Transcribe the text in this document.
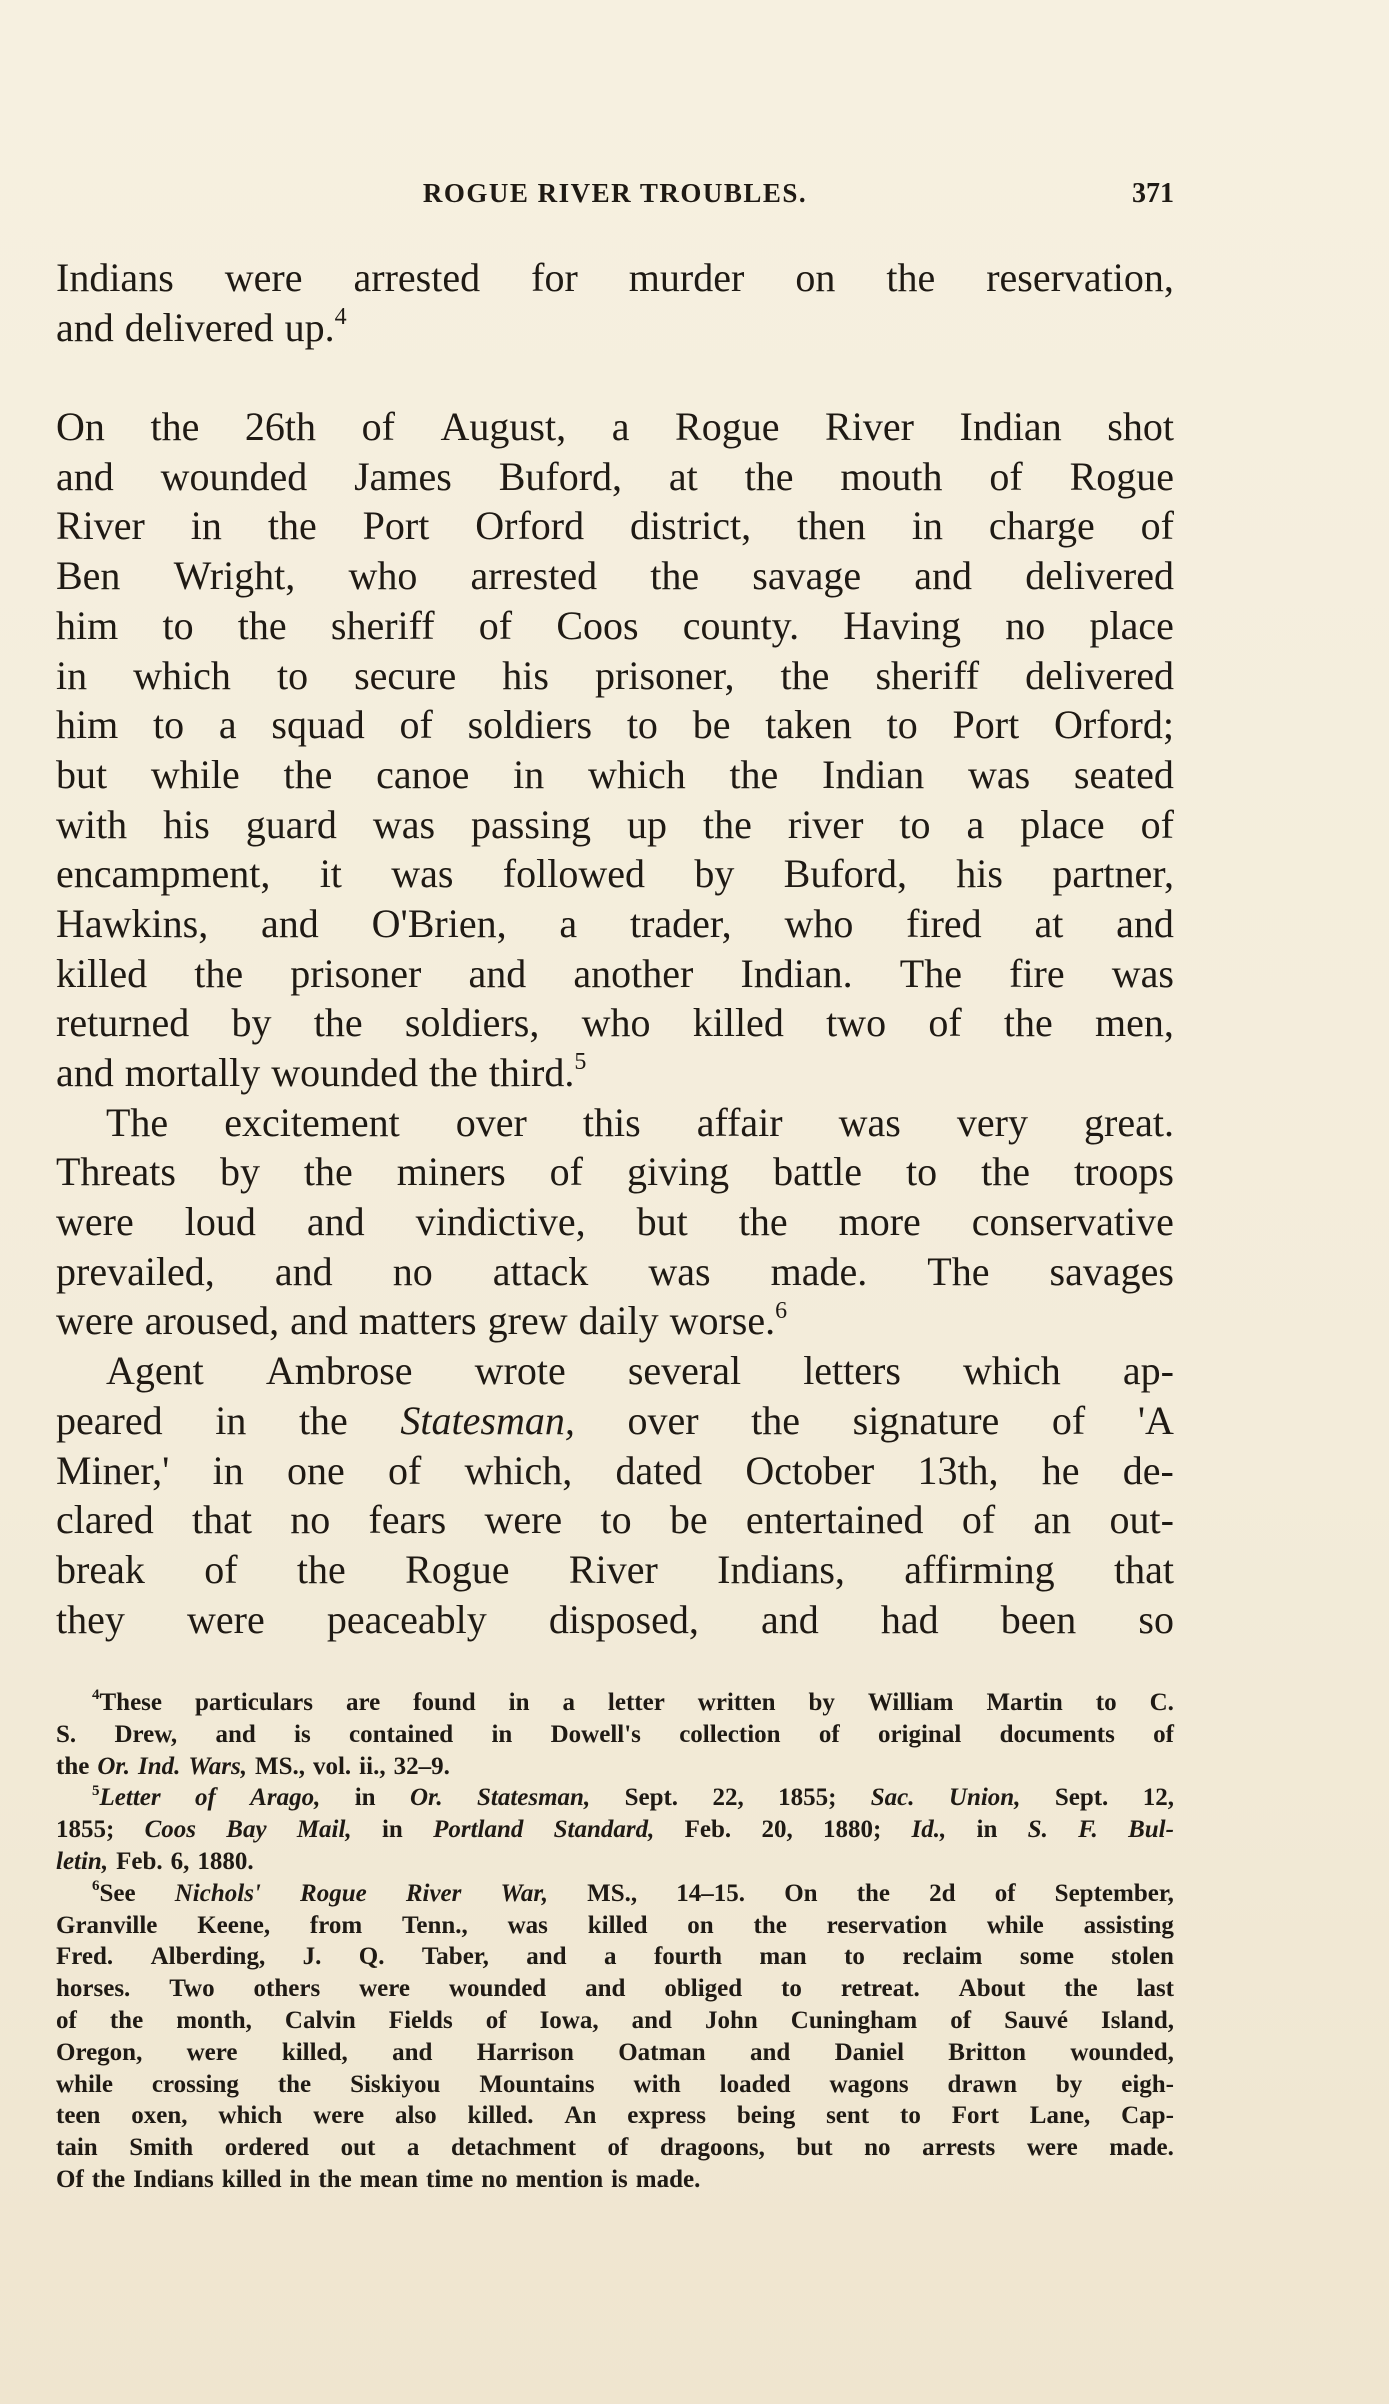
ROGUE RIVER TROUBLES.	371
Indians were arrested for murder on the reservation,
and delivered up.$^4$
On the 26th of August, a Rogue River Indian shot
and wounded James Buford, at the mouth of Rogue
River in the Port Orford district, then in charge of
Ben Wright, who arrested the savage and delivered
him to the sheriff of Coos county. Having no place
in which to secure his prisoner, the sheriff delivered
him to a squad of soldiers to be taken to Port Orford;
but while the canoe in which the Indian was seated
with his guard was passing up the river to a place of
encampment, it was followed by Buford, his partner,
Hawkins, and O'Brien, a trader, who fired at and
killed the prisoner and another Indian. The fire was
returned by the soldiers, who killed two of the men,
and mortally wounded the third.$^5$
The excitement over this affair was very great.
Threats by the miners of giving battle to the troops
were loud and vindictive, but the more conservative
prevailed, and no attack was made. The savages
were aroused, and matters grew daily worse.$^6$
Agent Ambrose wrote several letters which ap-
peared in the Statesman, over the signature of 'A
Miner,' in one of which, dated October 13th, he de-
clared that no fears were to be entertained of an out-
break of the Rogue River Indians, affirming that
they were peaceably disposed, and had been so
$^4$These particulars are found in a letter written by William Martin to C.
S. Drew, and is contained in Dowell's collection of original documents of
the Or. Ind. Wars, MS., vol. ii., 32–9.
$^5$Letter of Arago, in Or. Statesman, Sept. 22, 1855; Sac. Union, Sept. 12,
1855; Coos Bay Mail, in Portland Standard, Feb. 20, 1880; Id., in S. F. Bul-
letin, Feb. 6, 1880.
$^6$See Nichols' Rogue River War, MS., 14–15. On the 2d of September,
Granville Keene, from Tenn., was killed on the reservation while assisting
Fred. Alberding, J. Q. Taber, and a fourth man to reclaim some stolen
horses. Two others were wounded and obliged to retreat. About the last
of the month, Calvin Fields of Iowa, and John Cuningham of Sauvé Island,
Oregon, were killed, and Harrison Oatman and Daniel Britton wounded,
while crossing the Siskiyou Mountains with loaded wagons drawn by eigh-
teen oxen, which were also killed. An express being sent to Fort Lane, Cap-
tain Smith ordered out a detachment of dragoons, but no arrests were made.
Of the Indians killed in the mean time no mention is made.
